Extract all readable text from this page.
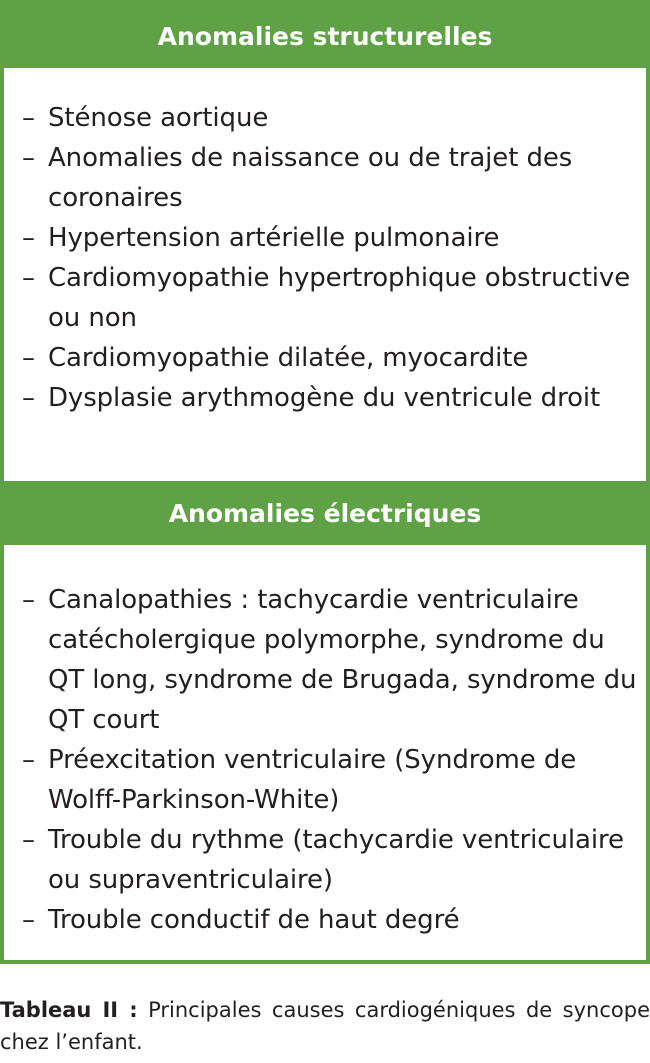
Anomalies structurelles
– Sténose aortique
– Anomalies de naissance ou de trajet des coronaires
– Hypertension artérielle pulmonaire
– Cardiomyopathie hypertrophique obstructive ou non
– Cardiomyopathie dilatée, myocardite
– Dysplasie arythmogène du ventricule droit
Anomalies électriques
– Canalopathies : tachycardie ventriculaire catécholergique polymorphe, syndrome du QT long, syndrome de Brugada, syndrome du QT court
– Préexcitation ventriculaire (Syndrome de Wolff-Parkinson-White)
– Trouble du rythme (tachycardie ventriculaire ou supraventriculaire)
– Trouble conductif de haut degré
Tableau II : Principales causes cardiogéniques de syncope chez l’enfant.
